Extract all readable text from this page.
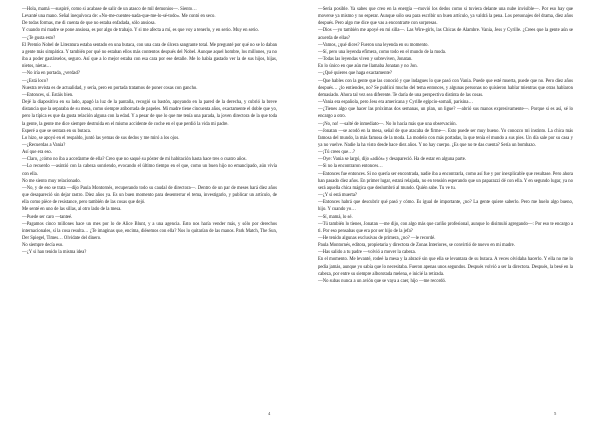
—Hola, mamá —suspiré, como si acabase de salir de un atasco de mil demonios—. Siento…

Levanté una mano. Señal inequívoca de: «No-me-cuentes-nada-que-me-lo-sé-todo». Me contó en seco.

De todas formas, me di cuenta de que no estaba enfadada, sólo ansiosa.

Y cuando mi madre se pone ansiosa, es por algo de trabajo. Y si me afecta a mí, es que voy a tenerlo, y en serio. Muy en serio.

—¿Te gusta esto?

El Premio Nobel de Literatura estaba sentado en una butaca, con una cara de úlcera sangrante total. Me pregunté por qué no se lo daban a gente más simpática. Y también por qué no estaban ellos más contentos después del Nobel. Aunque aquel hombre, los millones, ya no iba a poder gastárselos, seguro. Así que a lo mejor estaba con esa cara por ese detalle. Me lo había gastado ver la de sus hijos, hijas, nietos, nietas…

—No iría en portada, ¿verdad?

—¿Está loco?

Nuestra revista es de actualidad, y sería, pero en portada tratamos de poner cosas con gancho.

—Entonces, sí. Estáis bien.

Dejé la diapositiva en su lado, apagó la luz de la pantalla, recogió su bastón, apoyando en la pared de la derecha, y cubrió la breve distancia que la separaba de su mesa, como siempre atiborrada de papeles. Mi madre tiene cincuenta años, exactamente el doble que yo, pero la típica es que da gusta relación alguna con la edad. Y a pesar de que lo que me tenía una parada, la joven directora de la que toda la gente, la gente me dice siempre destruida en el mismo accidente de coche en el que perdió la vida mi padre.

Esperé a que se sentara en su butaca.

Lo hizo, se apoyó en el respaldo, juntó las yemas de sus dedos y me miró a los ojos.

—¿Recuerdas a Vania?

Así que era eso.

—Claro, ¿cómo no iba a acordarme de ella? Creo que no saqué su póster de mi habitación hasta hace tres o cuatro años.

—Lo recuerdo —asintió con la cabeza sonriendo, evocando el último tiempo en el que, como un buen hijo no emancipado, aún vivía con ella.

No me siento muy relacionado.

—No, y de eso se trata —dijo Paula Montornés, recuperando todo su caudal de directora—. Dentro de un par de meses hará diez años que desapareció sin dejar rastro. Diez años ya. Es un buen momento para desenterrar el tema, investigarlo, y publicar un artículo, de ella como pièce de resistance, pero también de las cosas que dejó.

Me senté en uno de las sillas, al otro lado de la mesa.

—Puede ser caro —tanteé.

—Pagamos cinco millones hace un mes por lo de Alice Blunt, y a una agencia. Esto nos haría vender más, y sólo por derechos internacionales, sí la cosa resulta… ¿Te imaginas que, encima, diésemos con ella? Nos lo quitarían de las manos. Park Match, The Sun, Der Spiegel, Times… Olvidate del dinero.

No siempre decía eso.

—¿Y si han tenido la misma idea?

4

—Sería posible. Ya sabes que creo en la energía —movió los dedos como si tuviera delante una nube invisible—. Por eso hay que moverse ya mismo y no esperar. Aunque sólo sea para escribir un buen artículo, ya valdrá la pena. Los personajes del drama, diez años después. Pero algo me dice que vas a encontrarte con sorpresas.

—Dios —yo también me apoyé en mi silla—. Las Wire-girls, las Chicas de Alambre. Vania, Jess y Cyrille. ¿Crees que la gente aún se acuerda de ellas?

—Vamos, ¿qué dices? Fueron una leyenda en su momento.

—Sí, pero una leyenda efímera, como todo en el mundo de la moda.

—Todas las leyendas viven y sobreviven, Jonatan.

En lo único en que aún me llamaba Jonatan y no Jon.

—¿Qué quieres que haga exactamente?

—Que hables con la gente que las conoció y que indagues lo que pasó con Vania. Puede que esté muerta, puede que no. Pero diez años después… ¿lo entiendes, no? Se publicó mucho del tema entonces, y algunas personas no quisieron hablar mientras que otras hablaron demasiado. Ahora tal vez sea diferente. Te daría de una perspectiva distinta de las cosas.

—Vania era española, pero Jess era americana y Cyrille egipcio-somalí, parisina…

—¿Tienes algo que hacer las próximas dos semanas, un plan, un ligue? —abrió sus manos expresivamente—. Porque si es así, sé lo encargo a otro.

—¡No, no! —salté de inmediato—. No lo hacía más que una observación.

—Jonatan —se acodó en la mesa, señal de que atacaba de firme—. Esto puede ser muy bueno. Yo conozco mi instinto. La chica más famosa del mundo, la más famosa de la moda. La modelo con más portadas, la que tenía el mundo a sus pies. Un día sale por su casa y ya no vuelve. Nadie la ha visto desde hace diez años. Y no hay cuerpo. ¿Es que no te das cuenta? Sería un bombazo.

—¡Tú crees que…?

—Oye: Vania se largó, dijo «adiós» y desapareció. Ha de estar en alguna parte.

—Si no la encontraron entonces…

—Entonces fue entonces. Si no quería ser encontrada, nadie iba a encontrarla, como así fue y por inexplicable que resultase. Pero ahora han pasado diez años. En primer lugar, estará relajada, no en tensión esperando que un paparazzi dé con ella. Y en segundo lugar, ya no será aquella chica mágica que deslumbró al mundo. Quién sabe. Tu ve tu.

—¿Y si está muerta?

—Entonces habrá que descubrir qué pasó y cómo. Es igual de importante, ¿no? La gente quiere saberlo. Pero me huelo algo bueno, hijo. Y cuando yo…

—Sí, mamá, lo sé.

—Tú también lo tienes, Jonatan —me dijo, con algo más que cariño profesional, aunque lo disimuló agregando—: Por eso te encargo a ti. Por eso pensabas que era por ser hijo de la jefa?

—He tenido algunas exclusivas de primera, ¿no? —le recordé.

Paula Montornés, editora, propietaria y directora de Zonas Interiores, se convirtió de nuevo en mi madre.

—Has salido a tu padre —volvió a mover la cabeza.

En el momento. Me levanté, rodeé la mesa y la abracé sin que ella se levantara de su butaca. A veces olvidaba hacerlo. Y ella no me lo pedía jamás, aunque yo sabía que lo necesitaba. Fueron apenas unos segundos. Después volvió a ser la directora. Después, la besé en la cabeza, por entre su siempre alborotada melena, e inicié la retirada.

—No subas nunca a un avión que se vaya a caer, hijo —me recordó.

5
